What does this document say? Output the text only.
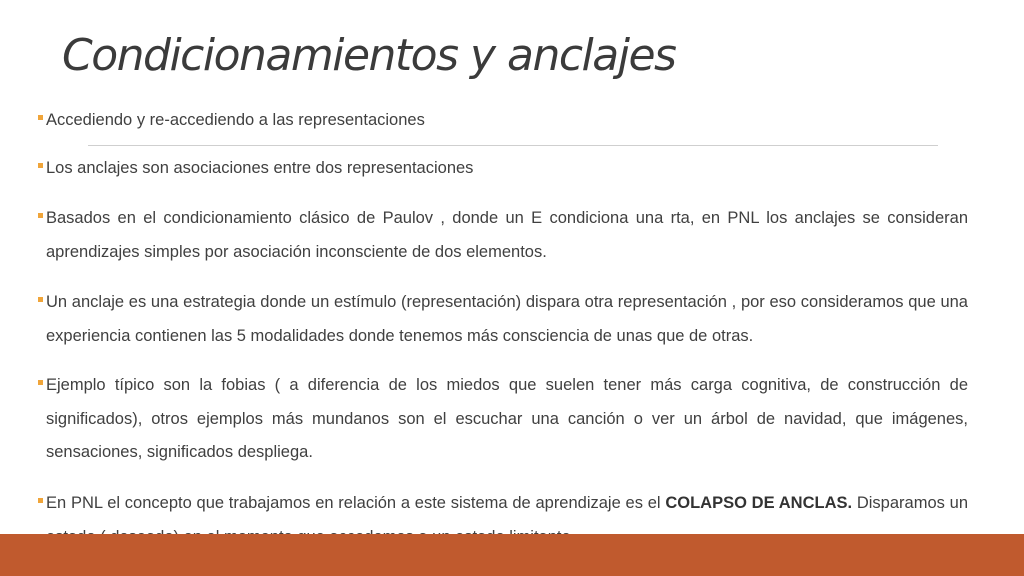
Condicionamientos y anclajes
Accediendo y re-accediendo a las representaciones
Los anclajes son asociaciones entre dos representaciones
Basados en el condicionamiento clásico de Paulov , donde un E condiciona una rta, en PNL los anclajes se consideran aprendizajes simples por asociación inconsciente de dos elementos.
Un anclaje es una estrategia donde un estímulo (representación) dispara otra representación , por eso consideramos que una experiencia contienen las 5 modalidades donde tenemos más consciencia de unas que de otras.
Ejemplo típico son la fobias ( a diferencia de los miedos que suelen tener más carga cognitiva, de construcción de significados), otros ejemplos más mundanos son el escuchar una canción o ver un árbol de navidad, que imágenes, sensaciones, significados despliega.
En PNL el concepto que trabajamos en relación a este sistema de aprendizaje es el COLAPSO DE ANCLAS. Disparamos un
